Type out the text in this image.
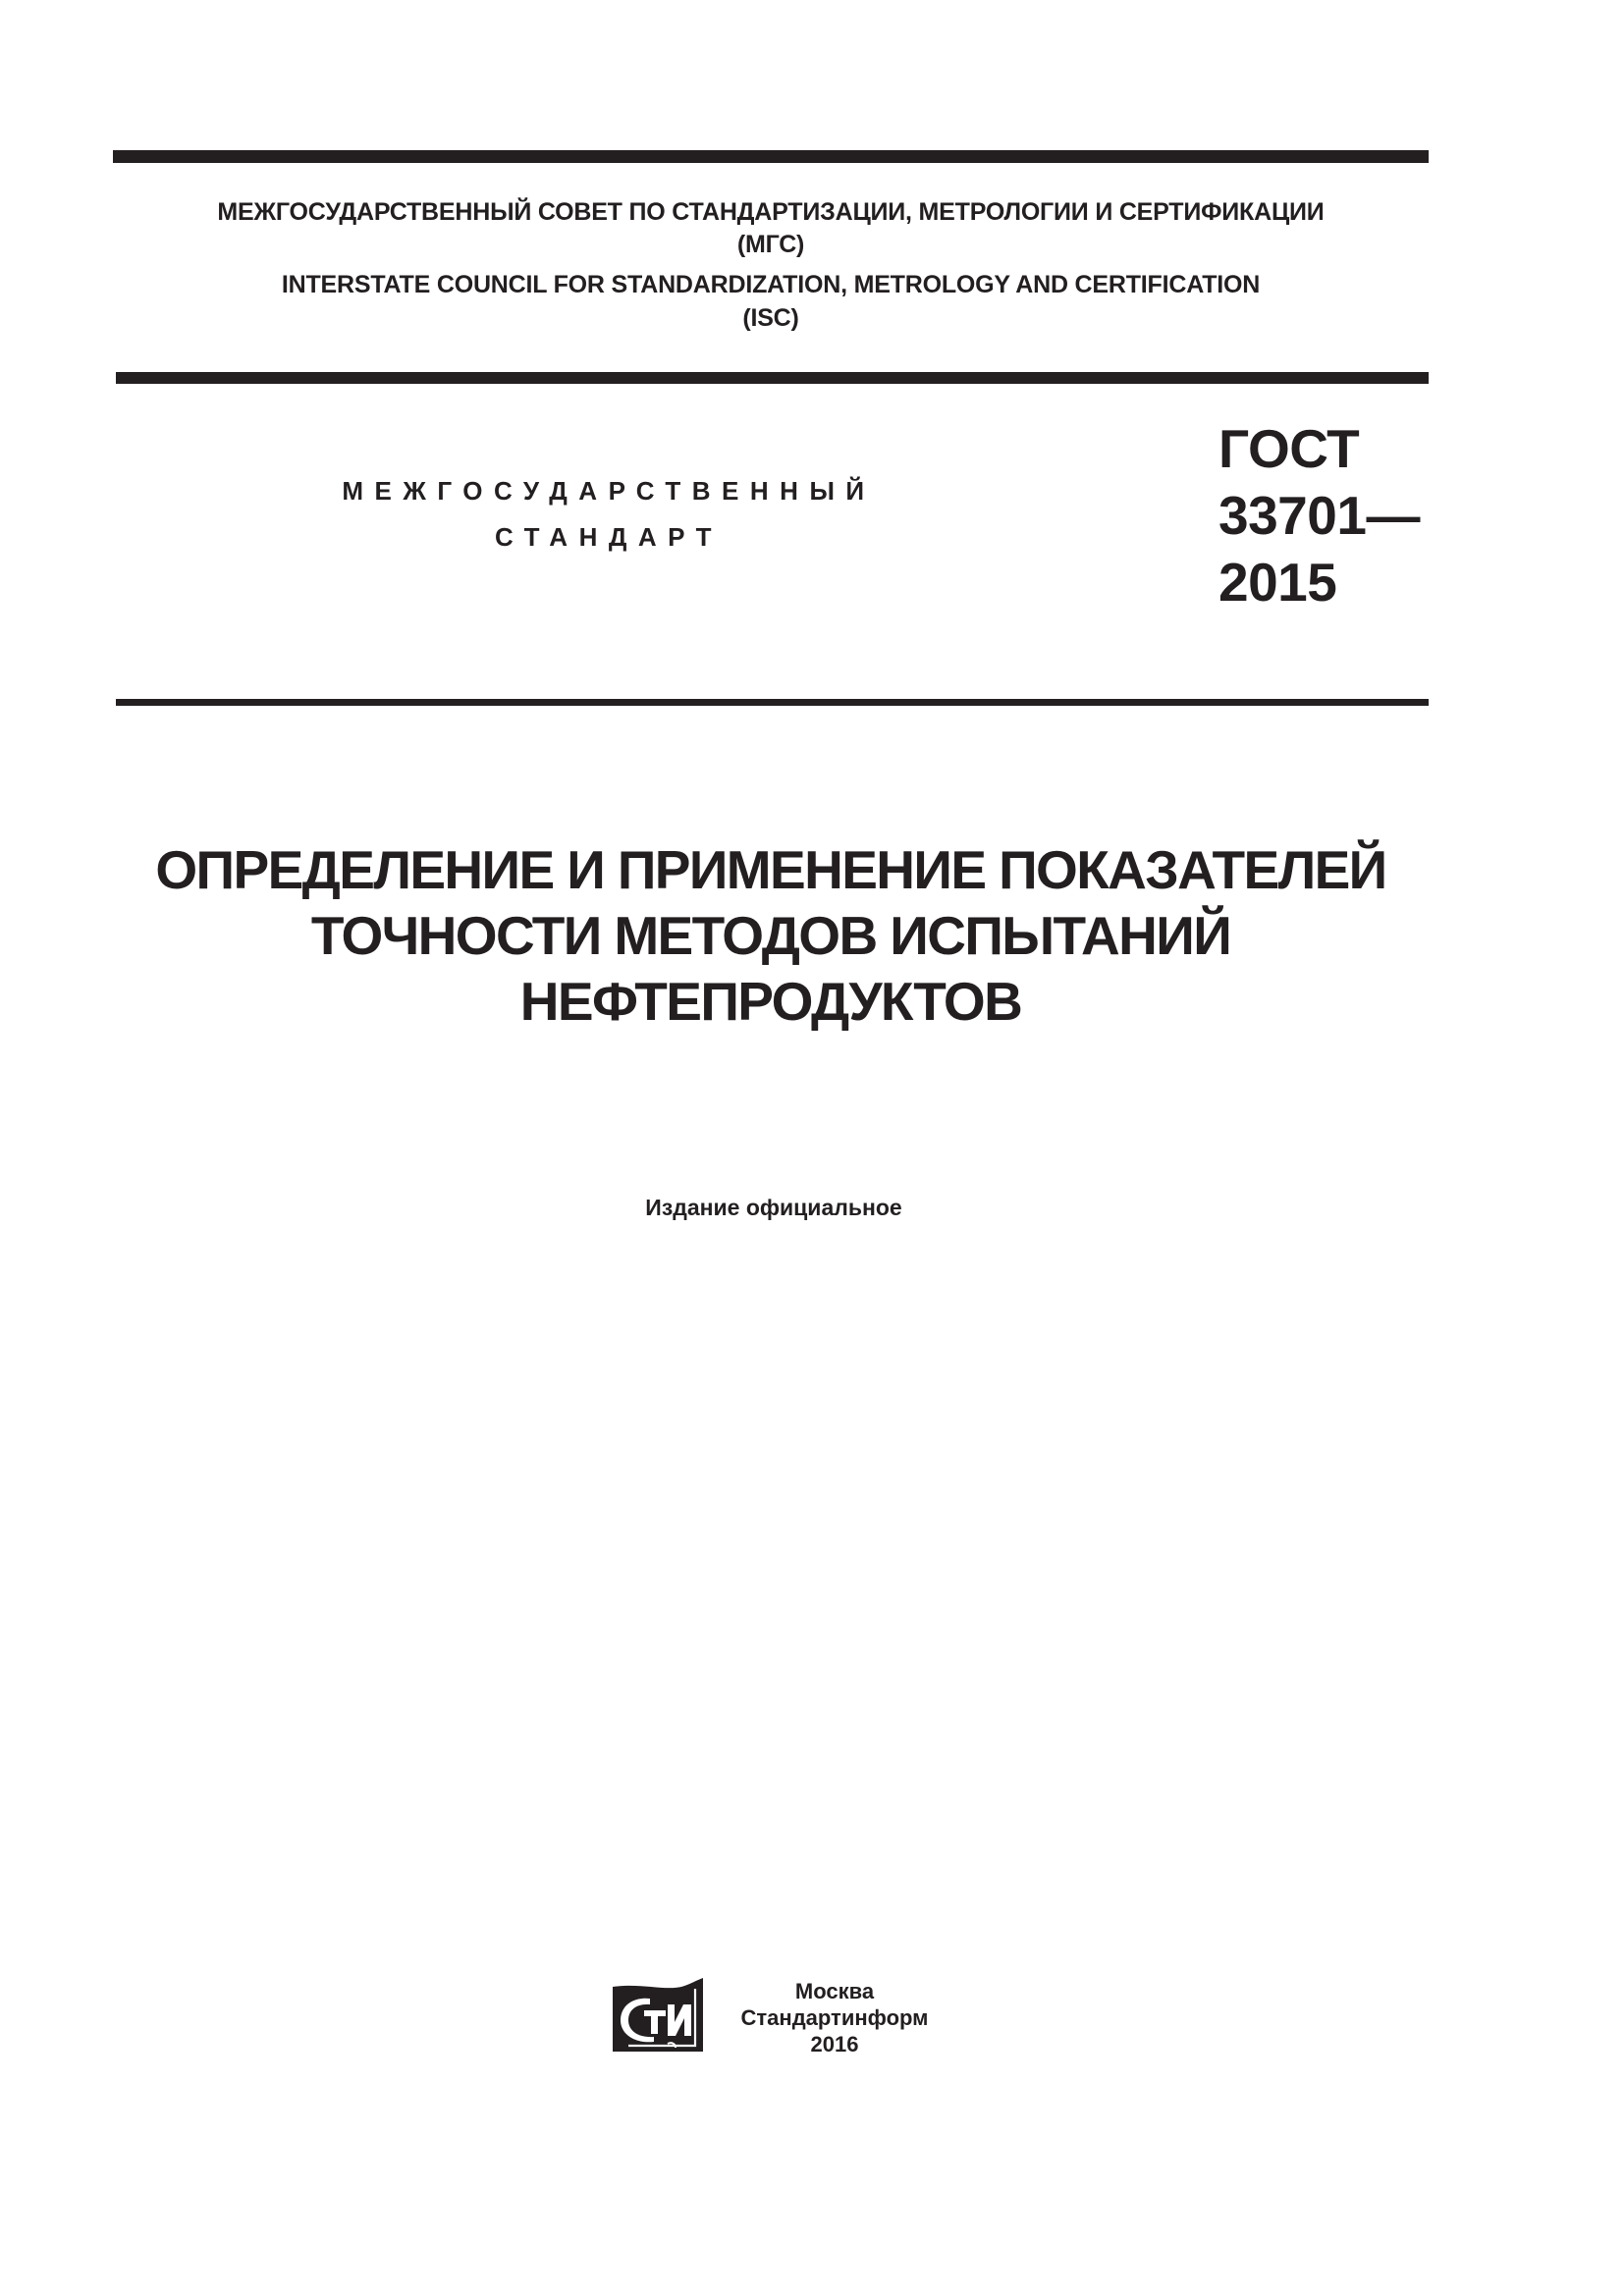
МЕЖГОСУДАРСТВЕННЫЙ СОВЕТ ПО СТАНДАРТИЗАЦИИ, МЕТРОЛОГИИ И СЕРТИФИКАЦИИ
(МГС)
INTERSTATE COUNCIL FOR STANDARDIZATION, METROLOGY AND CERTIFICATION
(ISC)
МЕЖГОСУДАРСТВЕННЫЙ
СТАНДАРТ
ГОСТ
33701—
2015
ОПРЕДЕЛЕНИЕ И ПРИМЕНЕНИЕ ПОКАЗАТЕЛЕЙ
ТОЧНОСТИ МЕТОДОВ ИСПЫТАНИЙ
НЕФТЕПРОДУКТОВ
Издание официальное
Москва
Стандартинформ
2016
